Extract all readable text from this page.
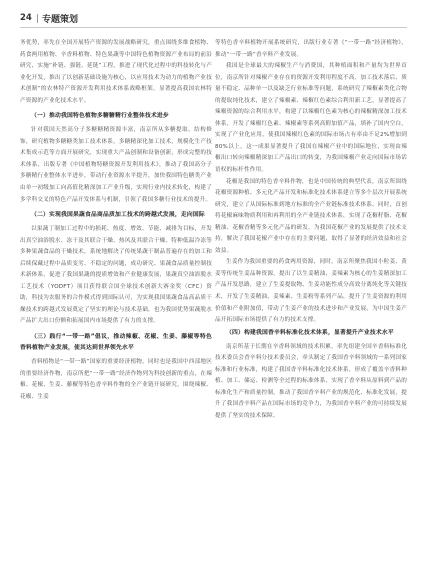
24 专题策划

务优势，率先在全国开展特产资源的发展战略研究，重点围绕多维食植物、药食两用植物、辛香料植物、特色果蔬等中国特色植物资源产业布局的前沿研究，实施“补链、强链、延链”工程，推进了现代化过程中的科技转化与产业化开发，推出了以创新基础设施为核心，以应用技术为动力的植物产业技术创制”的农林特产资源开发利用技术体系战略框架，显著提高我国农林特产资源的产业化技术水平。

（一）推动我国特色植物多糖糖精行业整体技术进步

针对我国天然高分子多糖糖精资源丰富，南京所从多糖提取、结构修饰，研究植物多糖糖类加工技术体系，多糖精深化加工技术，规模化生产技术集成示范等方面开展研究，实现重大产品创制和设备创新，形成完整的技术体系，出版专著《中国植物特糖资源开发利用技术》，推动了我国高分子多糖精行业整体水平进步，带动行业资源水平提升，加快我国特色糖类产业由单一初级加工向高值化精深加工产业升级，实现行业内技术转化，构建了多学科交叉的特色产品开发体系与机制，引领了我国多糖行业技术的提升。

（二）实现我国果蔬食品商品质加工技术的跨越式发展，走向国际

以果蔬丁制加工过程中的损耗、热度、增效、节能、减排为目标，开发出真空油浴脱水、冻干及其联合干燥、热风及其联合干燥、特种低温冷冻等多种果蔬食品的干燥技术，系统地解决了传统果蔬干制品普遍存在的加工和后续保藏过程中品质变劣、不稳定的问题，成功研究、果蔬食品质量控制技术新体系，促进了我国果蔬的提质增效和产业健康发展，果蔬真空油浴脱水工艺技术（YODFT）项目获得联合国全球技术创新大赛金奖（CFC）资助，科技为农服务的合作模式得到国际认可，为实现我国果蔬食品高品质干燥技术的跨越式发展奠定了坚实的理论与技术基础，也为我国优势果蔬脱水产品扩大出口份额和拓展国内市场提供了有力的支撑。

（三）践行“一带一路”倡议，推动辣椒、花椒、生姜、藤椒等特色香料植物产业发展，使其达到世界领先水平

香料植物是“一带一路”国家的重要经济植物，同时也是我国中西部地区的重要经济作物，南京所把“一带一路”经济作物列为科技创新的重点，在辣椒、花椒、生姜、藤椒等特色香辛料作物的全产业链开展研究，围绕辣椒、花椒、生姜

等特色香辛料植物开展系统研究，出版行业专著《“一带一路”经济植物》，推动“一带一路”香辛料产业发展。

我国是全球最大的辣椒生产与消费国，其种植面积和产量均为世界首位，南京所针对辣椒产业存在的资源开发利用程度不高、加工技术落后、质量不稳定、品种单一以及缺乏行业标准等问题，系统研究了辣椒素类化合物的提取纯化技术，建立了辣椒素、辣椒红色素综合利用新工艺，显著提高了辣椒资源的综合利用水平，构建了以辣椒红色素为核心的辣椒精深加工技术体系，开发了辣椒红色素、辣椒素等系列高附加值产品，填补了国内空白，实现了产业化应用，使我国辣椒红色素的国际市场占有率由不足2%增加到80%以上，这一成果显著提升了我国在辣椒产业中的国际地位，实现由辣椒出口转向辣椒精深加工产品出口的转变，为我国辣椒产业走向国际市场话语权的标杆性作用。

花椒是我国的特色香辛料作物，也是中国传统的典型代表，南京所围绕花椒资源种植、多元化产品开发和标准化技术体系建立等多个层次开展系统研究，建立了从国际标准到地方标准的全产业链标准技术体系。同时，首创将花椒麻味物质利用和再利用的全产业链技术体系，实现了花椒籽脂、花椒精油、花椒香精等多元化产品的研发，为我国花椒产业的发展提供了技术支持，解决了我国花椒产业中存在的主要问题，取得了显著的经济效益和社会效益。

生姜作为我国重要的药食两用资源，同时，南京所聚焦我国小粒姜、黄姜等传统生姜品种资源，提出了以生姜精油、姜辣素为核心的生姜精深加工产品开发思路，建立了生姜提取物、生姜功能性成分高效分离纯化等关键技术，开发了生姜精油、姜辣素、生姜粉等系列产品，提升了生姜资源的利用价值和产业附加值，带动了生姜产业的技术进步和产业发展，为中国生姜产品开拓国际市场提供了有力的技术支撑。

（四）构建我国香辛料标准化技术体系，显著提升产业技术水平

南京所基于长期在辛香料领域的技术积累，率先组建全国辛香料标准化技术委员会香辛料分技术委员会，牵头制定了我国香辛料领域的一系列国家标准和行业标准，构建了我国香辛料标准化技术体系，形成了覆盖辛香料种植、加工、储运、检测等全过程的标准体系，实现了香辛料从原料到产品的标准化生产和质量控制，推动了我国香辛料产业的规范化、标准化发展，提升了我国香辛料产品在国际市场的竞争力，为我国香辛料产业的可持续发展提供了坚实的技术保障。
